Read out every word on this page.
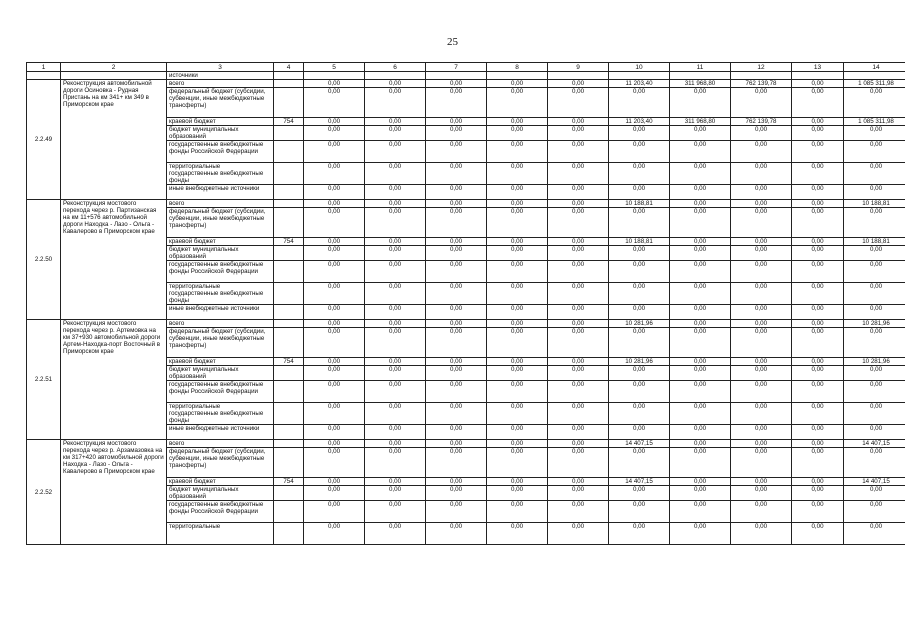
25
1	2	3	4	5	6	7	8	9	10	11	12	13	14
		источники											
2.2.49	Реконструкция автомобильной дороги Осиновка - Рудная Пристань на км 341+ км 349 в Приморском крае	всего		0,00	0,00	0,00	0,00	0,00	11 203,40	311 968,80	762 139,78	0,00	1 085 311,98
		федеральный бюджет (субсидии, субвенции, иные межбюджетные трансферты)		0,00	0,00	0,00	0,00	0,00	0,00	0,00	0,00	0,00	0,00
		краевой бюджет	754	0,00	0,00	0,00	0,00	0,00	11 203,40	311 968,80	762 139,78	0,00	1 085 311,98
		бюджет муниципальных образований		0,00	0,00	0,00	0,00	0,00	0,00	0,00	0,00	0,00	0,00
		государственные внебюджетные фонды Российской Федерации		0,00	0,00	0,00	0,00	0,00	0,00	0,00	0,00	0,00	0,00
		территориальные государственные внебюджетные фонды		0,00	0,00	0,00	0,00	0,00	0,00	0,00	0,00	0,00	0,00
		иные внебюджетные источники		0,00	0,00	0,00	0,00	0,00	0,00	0,00	0,00	0,00	0,00
2.2.50	Реконструкция мостового перехода через р. Партизанская на км 11+576 автомобильной дороги Находка - Лазо - Ольга - Кавалерово в Приморском крае	всего		0,00	0,00	0,00	0,00	0,00	10 188,81	0,00	0,00	0,00	10 188,81
		федеральный бюджет (субсидии, субвенции, иные межбюджетные трансферты)		0,00	0,00	0,00	0,00	0,00	0,00	0,00	0,00	0,00	0,00
		краевой бюджет	754	0,00	0,00	0,00	0,00	0,00	10 188,81	0,00	0,00	0,00	10 188,81
		бюджет муниципальных образований		0,00	0,00	0,00	0,00	0,00	0,00	0,00	0,00	0,00	0,00
		государственные внебюджетные фонды Российской Федерации		0,00	0,00	0,00	0,00	0,00	0,00	0,00	0,00	0,00	0,00
		территориальные государственные внебюджетные фонды		0,00	0,00	0,00	0,00	0,00	0,00	0,00	0,00	0,00	0,00
		иные внебюджетные источники		0,00	0,00	0,00	0,00	0,00	0,00	0,00	0,00	0,00	0,00
2.2.51	Реконструкция мостового перехода через р. Артемовка на км 37+930 автомобильной дороги Артем-Находка-порт Восточный в Приморском крае	всего		0,00	0,00	0,00	0,00	0,00	10 281,96	0,00	0,00	0,00	10 281,96
		федеральный бюджет (субсидии, субвенции, иные межбюджетные трансферты)		0,00	0,00	0,00	0,00	0,00	0,00	0,00	0,00	0,00	0,00
		краевой бюджет	754	0,00	0,00	0,00	0,00	0,00	10 281,96	0,00	0,00	0,00	10 281,96
		бюджет муниципальных образований		0,00	0,00	0,00	0,00	0,00	0,00	0,00	0,00	0,00	0,00
		государственные внебюджетные фонды Российской Федерации		0,00	0,00	0,00	0,00	0,00	0,00	0,00	0,00	0,00	0,00
		территориальные государственные внебюджетные фонды		0,00	0,00	0,00	0,00	0,00	0,00	0,00	0,00	0,00	0,00
		иные внебюджетные источники		0,00	0,00	0,00	0,00	0,00	0,00	0,00	0,00	0,00	0,00
2.2.52	Реконструкция мостового перехода через р. Арзамазовка на км 317+420 автомобильной дороги Находка - Лазо - Ольга - Кавалерово в Приморском крае	всего		0,00	0,00	0,00	0,00	0,00	14 407,15	0,00	0,00	0,00	14 407,15
		федеральный бюджет (субсидии, субвенции, иные межбюджетные трансферты)		0,00	0,00	0,00	0,00	0,00	0,00	0,00	0,00	0,00	0,00
		краевой бюджет	754	0,00	0,00	0,00	0,00	0,00	14 407,15	0,00	0,00	0,00	14 407,15
		бюджет муниципальных образований		0,00	0,00	0,00	0,00	0,00	0,00	0,00	0,00	0,00	0,00
		государственные внебюджетные фонды Российской Федерации		0,00	0,00	0,00	0,00	0,00	0,00	0,00	0,00	0,00	0,00
		территориальные		0,00	0,00	0,00	0,00	0,00	0,00	0,00	0,00	0,00	0,00
